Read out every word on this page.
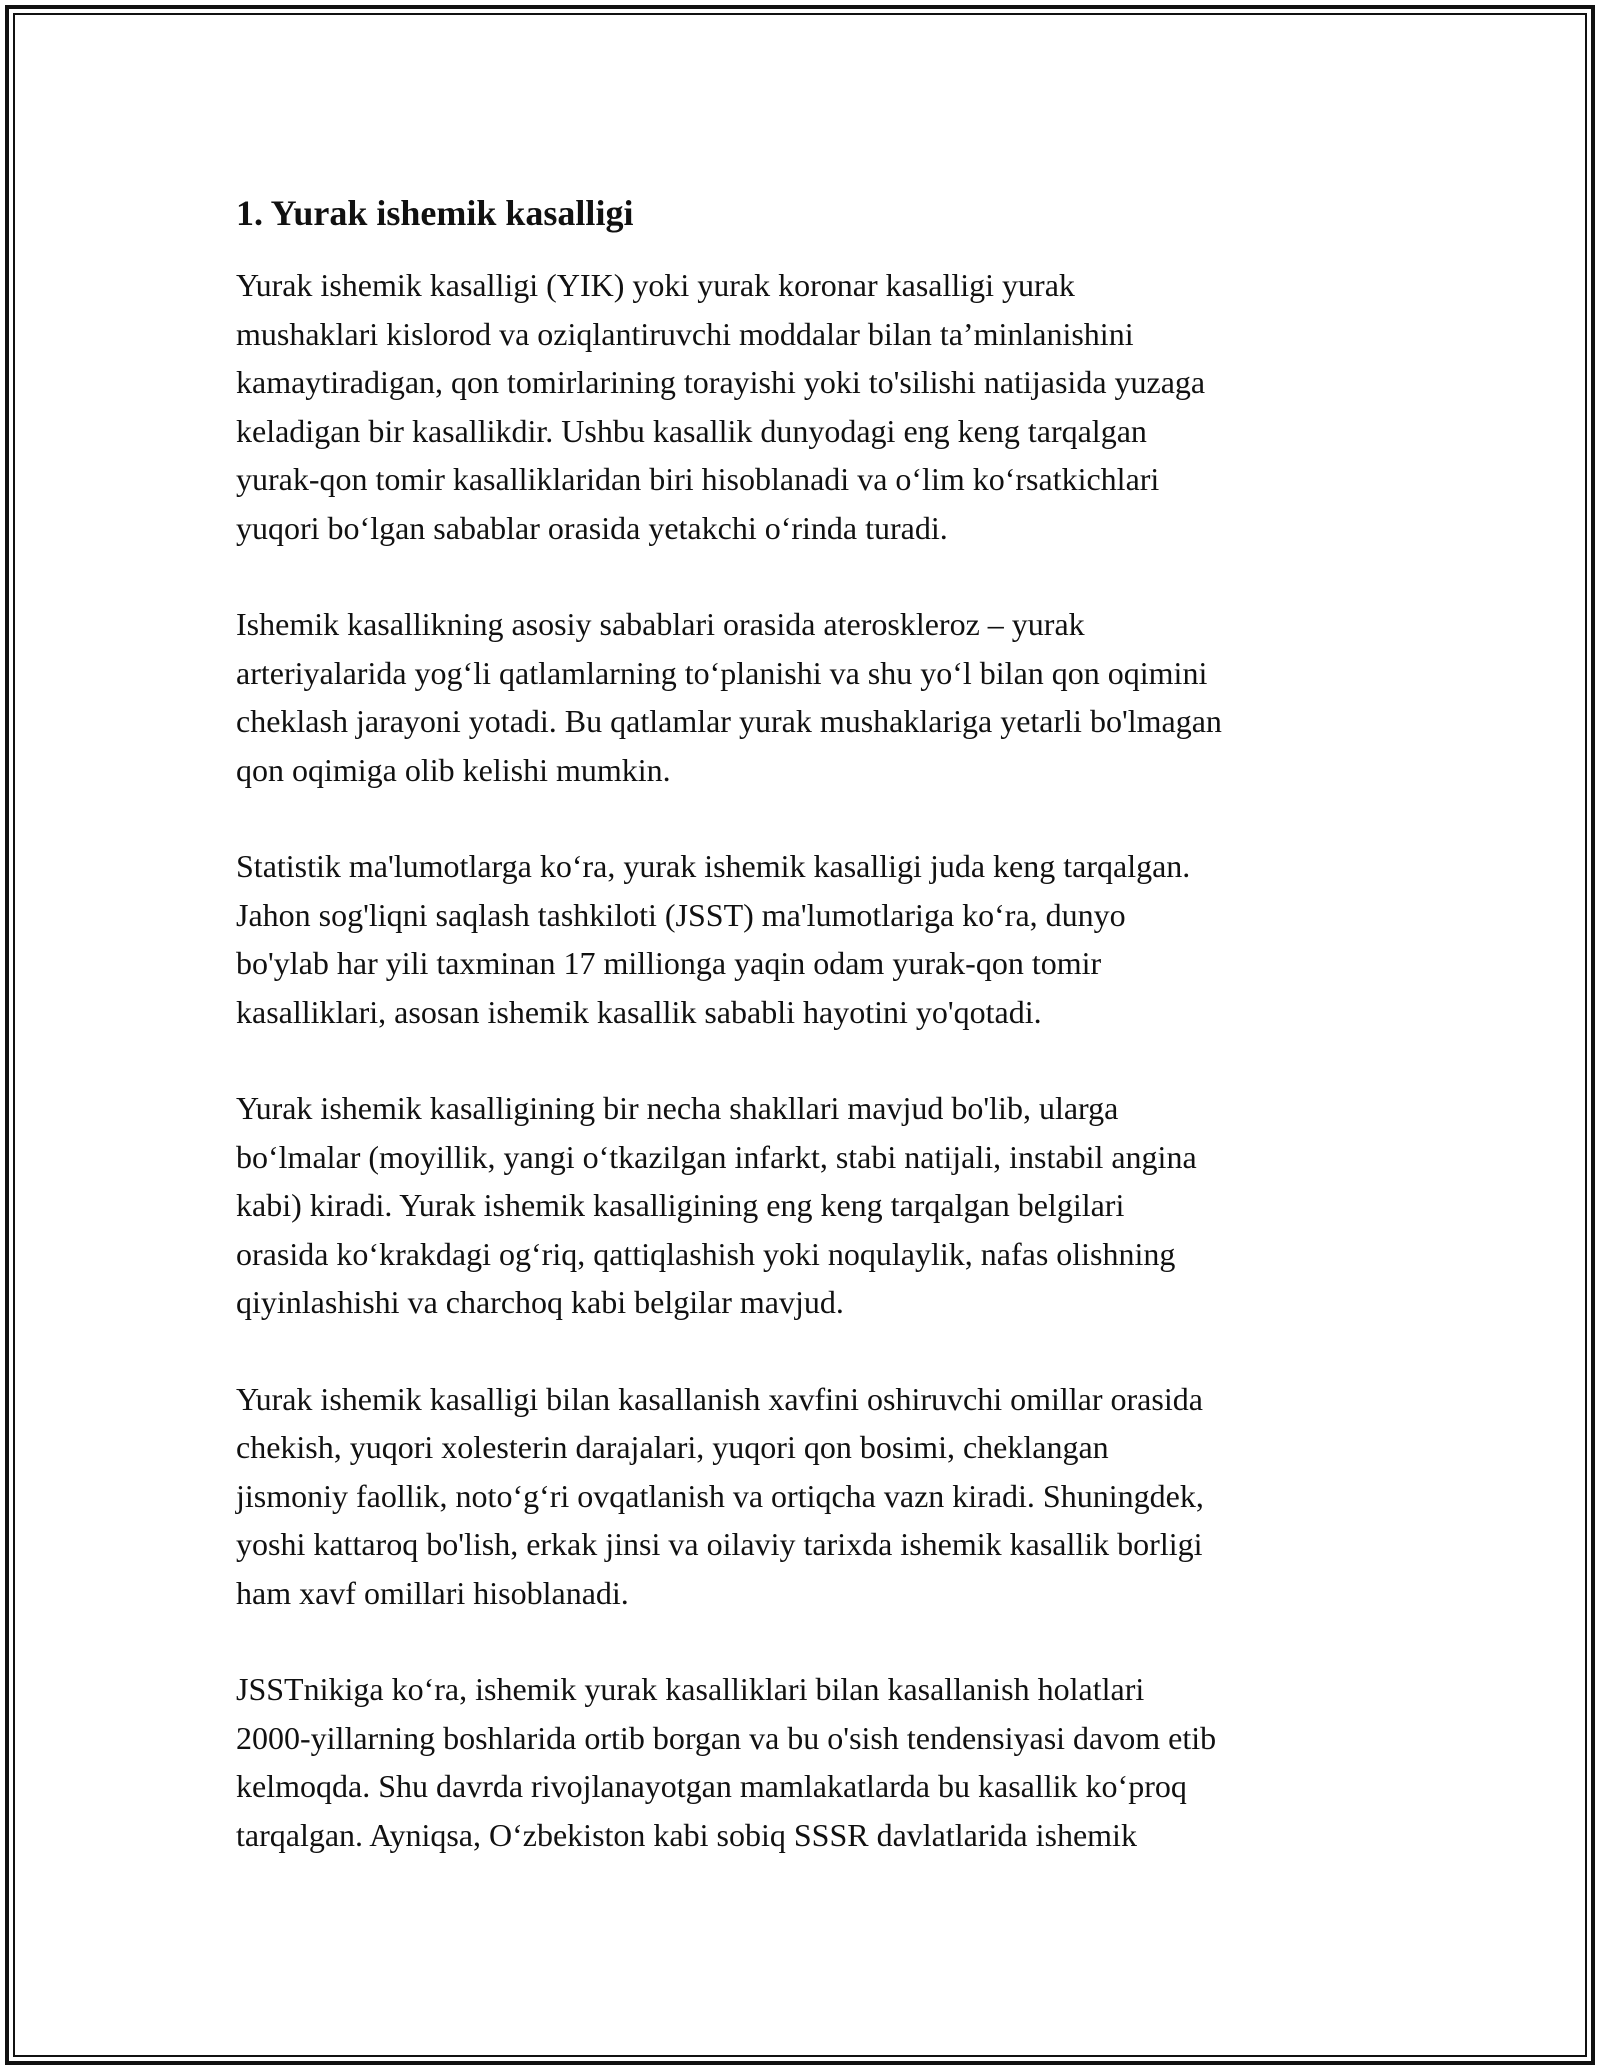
1. Yurak ishemik kasalligi

Yurak ishemik kasalligi (YIK) yoki yurak koronar kasalligi yurak
mushaklari kislorod va oziqlantiruvchi moddalar bilan ta’minlanishini
kamaytiradigan, qon tomirlarining torayishi yoki to'silishi natijasida yuzaga
keladigan bir kasallikdir. Ushbu kasallik dunyodagi eng keng tarqalgan
yurak-qon tomir kasalliklaridan biri hisoblanadi va o‘lim ko‘rsatkichlari
yuqori bo‘lgan sabablar orasida yetakchi o‘rinda turadi.

Ishemik kasallikning asosiy sabablari orasida ateroskleroz – yurak
arteriyalarida yog‘li qatlamlarning to‘planishi va shu yo‘l bilan qon oqimini
cheklash jarayoni yotadi. Bu qatlamlar yurak mushaklariga yetarli bo'lmagan
qon oqimiga olib kelishi mumkin.

Statistik ma'lumotlarga ko‘ra, yurak ishemik kasalligi juda keng tarqalgan.
Jahon sog'liqni saqlash tashkiloti (JSST) ma'lumotlariga ko‘ra, dunyo
bo'ylab har yili taxminan 17 millionga yaqin odam yurak-qon tomir
kasalliklari, asosan ishemik kasallik sababli hayotini yo'qotadi.

Yurak ishemik kasalligining bir necha shakllari mavjud bo'lib, ularga
bo‘lmalar (moyillik, yangi o‘tkazilgan infarkt, stabi natijali, instabil angina
kabi) kiradi. Yurak ishemik kasalligining eng keng tarqalgan belgilari
orasida ko‘krakdagi og‘riq, qattiqlashish yoki noqulaylik, nafas olishning
qiyinlashishi va charchoq kabi belgilar mavjud.

Yurak ishemik kasalligi bilan kasallanish xavfini oshiruvchi omillar orasida
chekish, yuqori xolesterin darajalari, yuqori qon bosimi, cheklangan
jismoniy faollik, noto‘g‘ri ovqatlanish va ortiqcha vazn kiradi. Shuningdek,
yoshi kattaroq bo'lish, erkak jinsi va oilaviy tarixda ishemik kasallik borligi
ham xavf omillari hisoblanadi.

JSSTnikiga ko‘ra, ishemik yurak kasalliklari bilan kasallanish holatlari
2000-yillarning boshlarida ortib borgan va bu o'sish tendensiyasi davom etib
kelmoqda. Shu davrda rivojlanayotgan mamlakatlarda bu kasallik ko‘proq
tarqalgan. Ayniqsa, O‘zbekiston kabi sobiq SSSR davlatlarida ishemik
